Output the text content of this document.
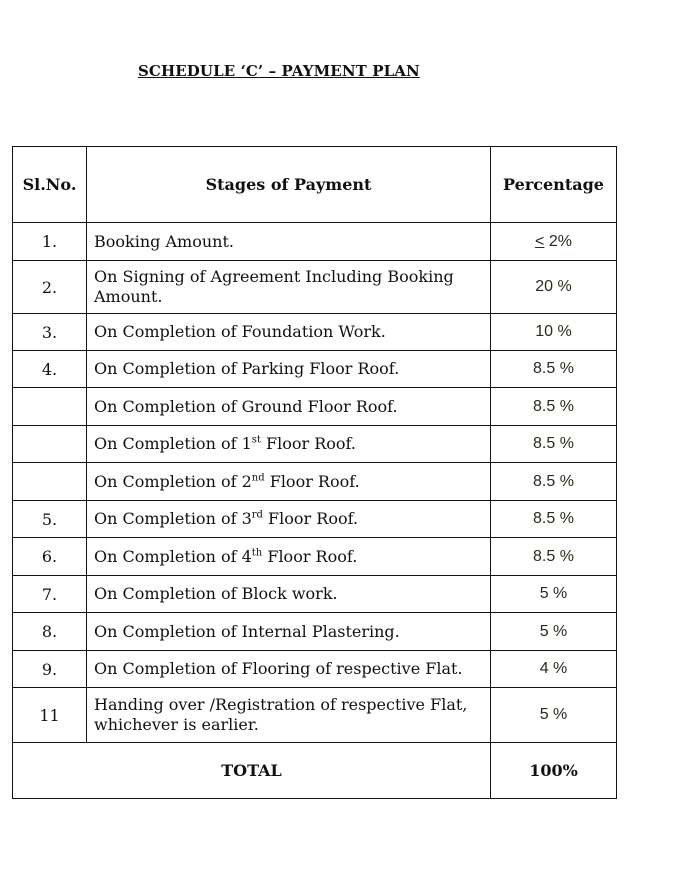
SCHEDULE ‘C’ – PAYMENT PLAN
Sl.No.	Stages of Payment	Percentage
1.	Booking Amount.	< 2%
2.	On Signing of Agreement Including Booking Amount.	20 %
3.	On Completion of Foundation Work.	10 %
4.	On Completion of Parking Floor Roof.	8.5 %
	On Completion of Ground Floor Roof.	8.5 %
	On Completion of 1st Floor Roof.	8.5 %
	On Completion of 2nd Floor Roof.	8.5 %
5.	On Completion of 3rd Floor Roof.	8.5 %
6.	On Completion of 4th Floor Roof.	8.5 %
7.	On Completion of Block work.	5 %
8.	On Completion of Internal Plastering.	5 %
9.	On Completion of Flooring of respective Flat.	4 %
11	Handing over /Registration of respective Flat, whichever is earlier.	5 %
TOTAL		100%
